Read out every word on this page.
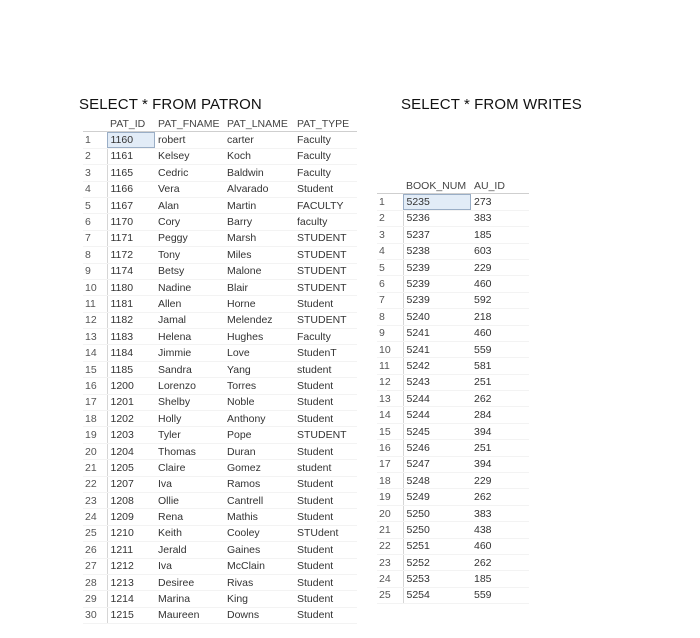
SELECT * FROM PATRON	SELECT * FROM WRITES
	PAT_ID	PAT_FNAME	PAT_LNAME	PAT_TYPE
1	1160	robert	carter	Faculty
2	1161	Kelsey	Koch	Faculty
3	1165	Cedric	Baldwin	Faculty
4	1166	Vera	Alvarado	Student
5	1167	Alan	Martin	FACULTY
6	1170	Cory	Barry	faculty
7	1171	Peggy	Marsh	STUDENT
8	1172	Tony	Miles	STUDENT
9	1174	Betsy	Malone	STUDENT
10	1180	Nadine	Blair	STUDENT
11	1181	Allen	Horne	Student
12	1182	Jamal	Melendez	STUDENT
13	1183	Helena	Hughes	Faculty
14	1184	Jimmie	Love	StudenT
15	1185	Sandra	Yang	student
16	1200	Lorenzo	Torres	Student
17	1201	Shelby	Noble	Student
18	1202	Holly	Anthony	Student
19	1203	Tyler	Pope	STUDENT
20	1204	Thomas	Duran	Student
21	1205	Claire	Gomez	student
22	1207	Iva	Ramos	Student
23	1208	Ollie	Cantrell	Student
24	1209	Rena	Mathis	Student
25	1210	Keith	Cooley	STUdent
26	1211	Jerald	Gaines	Student
27	1212	Iva	McClain	Student
28	1213	Desiree	Rivas	Student
29	1214	Marina	King	Student
30	1215	Maureen	Downs	Student
	BOOK_NUM	AU_ID
1	5235	273
2	5236	383
3	5237	185
4	5238	603
5	5239	229
6	5239	460
7	5239	592
8	5240	218
9	5241	460
10	5241	559
11	5242	581
12	5243	251
13	5244	262
14	5244	284
15	5245	394
16	5246	251
17	5247	394
18	5248	229
19	5249	262
20	5250	383
21	5250	438
22	5251	460
23	5252	262
24	5253	185
25	5254	559
